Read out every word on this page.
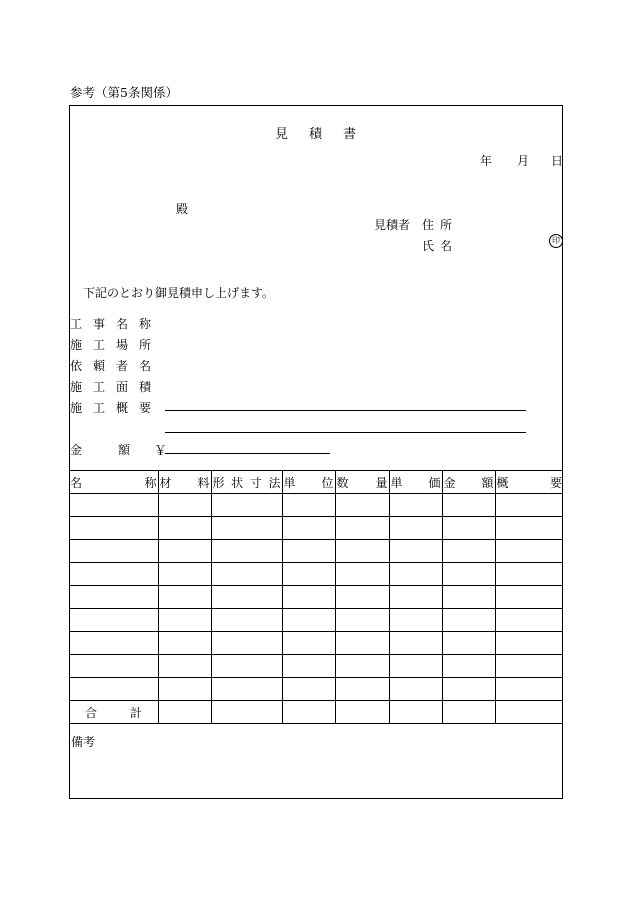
参考（第5条関係）
見 積 書
年 月 日
殿
見積者 住所
氏名	印
下記のとおり御見積申し上げます。
工 事 名 称
施 工 場 所
依 頼 者 名
施 工 面 積
施 工 概 要
金	額 ￥
名称	材料	形状寸法	単位	数量	単価	金額	概要

合 計							
備考
